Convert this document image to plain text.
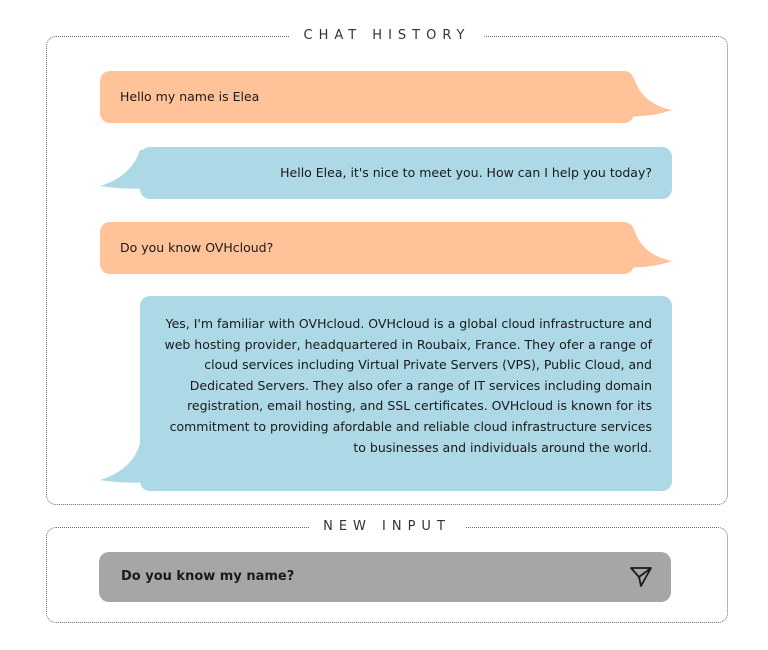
CHAT HISTORY
Hello my name is Elea
Hello Elea, it's nice to meet you. How can I help you today?
Do you know OVHcloud?
Yes, I'm familiar with OVHcloud. OVHcloud is a global cloud infrastructure and web hosting provider, headquartered in Roubaix, France. They ofer a range of cloud services including Virtual Private Servers (VPS), Public Cloud, and Dedicated Servers. They also ofer a range of IT services including domain registration, email hosting, and SSL certificates. OVHcloud is known for its commitment to providing afordable and reliable cloud infrastructure services to businesses and individuals around the world.
NEW INPUT
Do you know my name?
